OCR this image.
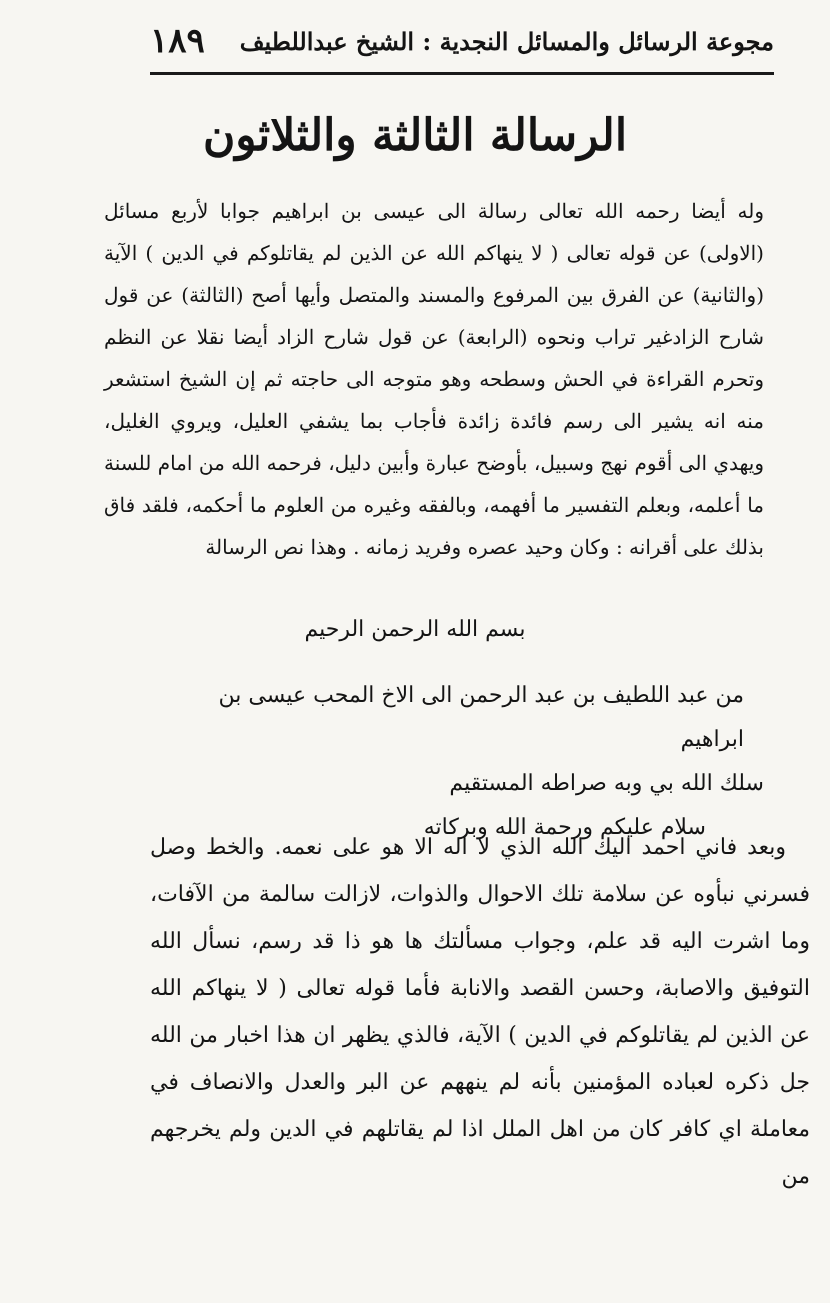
مجوعة الرسائل والمسائل النجدية : الشيخ عبداللطيف
١٨٩
الرسالة الثالثة والثلاثون

وله أيضا رحمه الله تعالى رسالة الى عيسى بن ابراهيم جوابا لأربع مسائل (الاولى) عن قوله تعالى ( لا ينهاكم الله عن الذين لم يقاتلوكم في الدين ) الآية (والثانية) عن الفرق بين المرفوع والمسند والمتصل وأيها أصح (الثالثة) عن قول شارح الزادغير تراب ونحوه (الرابعة) عن قول شارح الزاد أيضا نقلا عن النظم وتحرم القراءة في الحش وسطحه وهو متوجه الى حاجته ثم إن الشيخ استشعر منه انه يشير الى رسم فائدة زائدة فأجاب بما يشفي العليل، ويروي الغليل، ويهدي الى أقوم نهج وسبيل، بأوضح عبارة وأبين دليل، فرحمه الله من امام للسنة ما أعلمه، وبعلم التفسير ما أفهمه، وبالفقه وغيره من العلوم ما أحكمه، فلقد فاق بذلك على أقرانه : وكان وحيد عصره وفريد زمانه . وهذا نص الرسالة

بسم الله الرحمن الرحيم

من عبد اللطيف بن عبد الرحمن الى الاخ المحب عيسى بن ابراهيم

سلك الله بي وبه صراطه المستقيم

سلام عليكم ورحمة الله وبركاته

وبعد فاني احمد اليك الله الذي لا اله الا هو على نعمه. والخط وصل فسرني نبأوه عن سلامة تلك الاحوال والذوات، لازالت سالمة من الآفات، وما اشرت اليه قد علم، وجواب مسألتك ها هو ذا قد رسم، نسأل الله التوفيق والاصابة، وحسن القصد والانابة فأما قوله تعالى ( لا ينهاكم الله عن الذين لم يقاتلوكم في الدين ) الآية، فالذي يظهر ان هذا اخبار من الله جل ذكره لعباده المؤمنين بأنه لم ينههم عن البر والعدل والانصاف في معاملة اي كافر كان من اهل الملل اذا لم يقاتلهم في الدين ولم يخرجهم من
